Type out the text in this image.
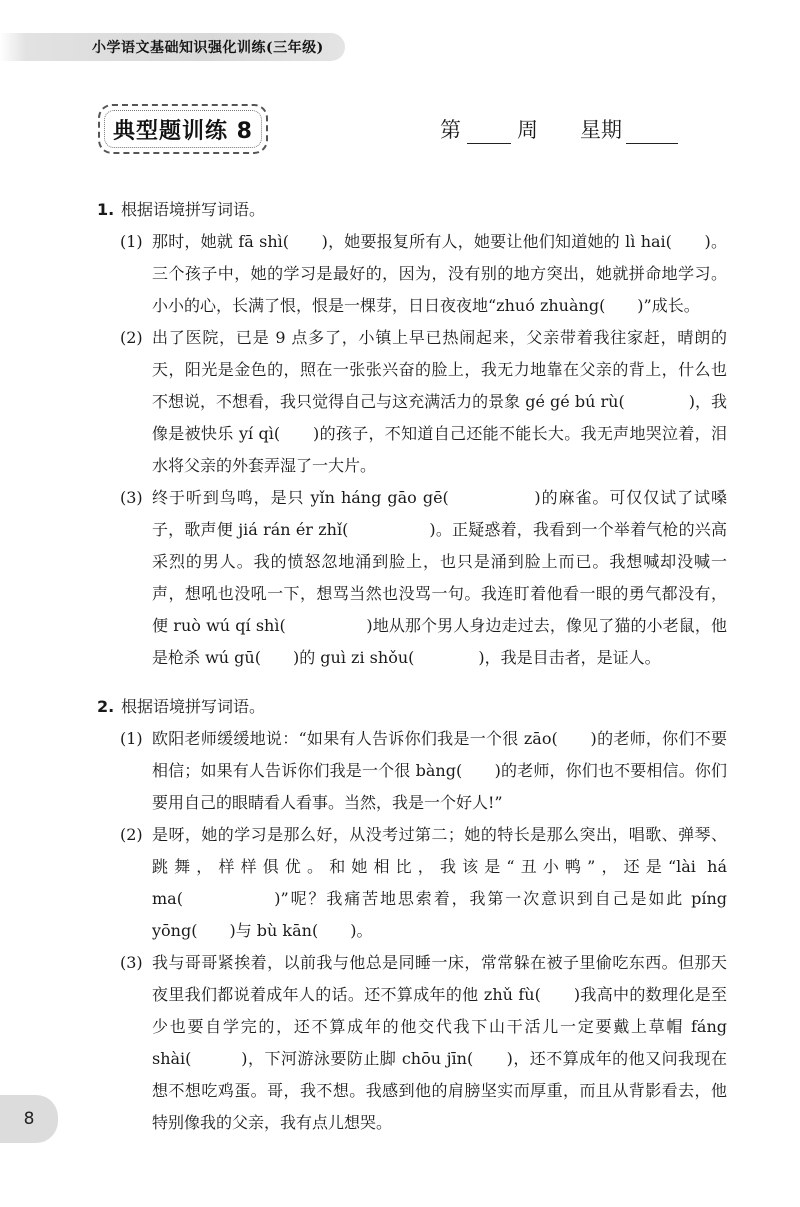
小学语文基础知识强化训练(三年级)
典型题训练 8	第	周 星期
1. 根据语境拼写词语。
(1) 那时，她就 fā shì(　　)，她要报复所有人，她要让他们知道她的 lì hai(　　)。三个孩子中，她的学习是最好的，因为，没有别的地方突出，她就拼命地学习。小小的心，长满了恨，恨是一棵芽，日日夜夜地“zhuó zhuàng(　　)”成长。
(2) 出了医院，已是 9 点多了，小镇上早已热闹起来，父亲带着我往家赶，晴朗的天，阳光是金色的，照在一张张兴奋的脸上，我无力地靠在父亲的背上，什么也不想说，不想看，我只觉得自己与这充满活力的景象 gé gé bú rù(　　　　)，我像是被快乐 yí qì(　　)的孩子，不知道自己还能不能长大。我无声地哭泣着，泪水将父亲的外套弄湿了一大片。
(3) 终于听到鸟鸣，是只 yǐn háng gāo gē(　　　　　)的麻雀。可仅仅试了试嗓子，歌声便 jiá rán ér zhǐ(　　　　　)。正疑惑着，我看到一个举着气枪的兴高采烈的男人。我的愤怒忽地涌到脸上，也只是涌到脸上而已。我想喊却没喊一声，想吼也没吼一下，想骂当然也没骂一句。我连盯着他看一眼的勇气都没有，便 ruò wú qí shì(　　　　　)地从那个男人身边走过去，像见了猫的小老鼠，他是枪杀 wú gū(　　)的 guì zi shǒu(　　　　)，我是目击者，是证人。
2. 根据语境拼写词语。
(1) 欧阳老师缓缓地说：“如果有人告诉你们我是一个很 zāo(　　)的老师，你们不要相信；如果有人告诉你们我是一个很 bàng(　　)的老师，你们也不要相信。你们要用自己的眼睛看人看事。当然，我是一个好人!”
(2) 是呀，她的学习是那么好，从没考过第二；她的特长是那么突出，唱歌、弹琴、跳舞，样样俱优。和她相比，我该是“丑小鸭”，还是“lài há ma(　　　　　)”呢？我痛苦地思索着，我第一次意识到自己是如此 píng yōng(　　)与 bù kān(　　)。
(3) 我与哥哥紧挨着，以前我与他总是同睡一床，常常躲在被子里偷吃东西。但那天夜里我们都说着成年人的话。还不算成年的他 zhǔ fù(　　)我高中的数理化是至少也要自学完的，还不算成年的他交代我下山干活儿一定要戴上草帽 fáng shài(　　　)，下河游泳要防止脚 chōu jīn(　　)，还不算成年的他又问我现在想不想吃鸡蛋。哥，我不想。我感到他的肩膀坚实而厚重，而且从背影看去，他特别像我的父亲，我有点儿想哭。
8
